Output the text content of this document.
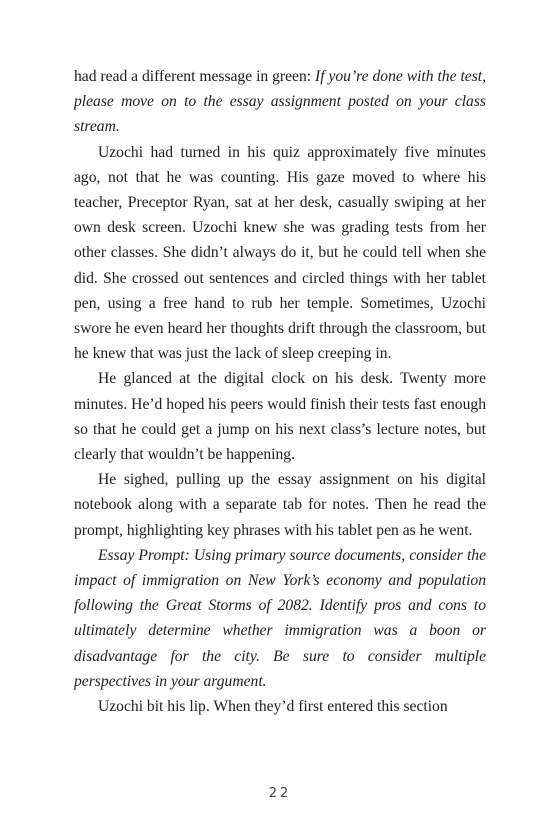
had read a different message in green: If you’re done with the test, please move on to the essay assignment posted on your class stream.

Uzochi had turned in his quiz approximately five minutes ago, not that he was counting. His gaze moved to where his teacher, Preceptor Ryan, sat at her desk, casually swiping at her own desk screen. Uzochi knew she was grading tests from her other classes. She didn’t always do it, but he could tell when she did. She crossed out sentences and circled things with her tablet pen, using a free hand to rub her temple. Sometimes, Uzochi swore he even heard her thoughts drift through the classroom, but he knew that was just the lack of sleep creeping in.

He glanced at the digital clock on his desk. Twenty more minutes. He’d hoped his peers would finish their tests fast enough so that he could get a jump on his next class’s lecture notes, but clearly that wouldn’t be happening.

He sighed, pulling up the essay assignment on his digital notebook along with a separate tab for notes. Then he read the prompt, highlighting key phrases with his tablet pen as he went.

Essay Prompt: Using primary source documents, consider the impact of immigration on New York’s economy and population following the Great Storms of 2082. Identify pros and cons to ultimately determine whether immigration was a boon or disadvantage for the city. Be sure to consider multiple perspectives in your argument.

Uzochi bit his lip. When they’d first entered this section

22
